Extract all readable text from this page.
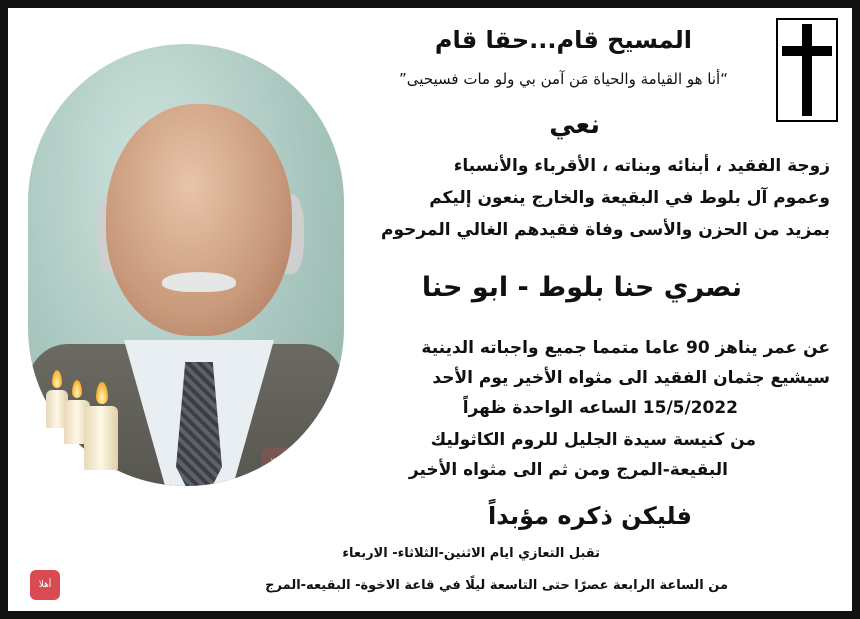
أهلا
المسيح قام...حقا قام
“أنا هو القيامة والحياة مَن آمن بي ولو مات فسيحيى”
نعي
زوجة الفقيد ، أبنائه وبناته ، الأقرباء والأنسباء
وعموم آل بلوط في البقيعة والخارج ينعون إليكم
بمزيد من الحزن والأسى وفاة فقيدهم الغالي المرحوم
نصري حنا بلوط - ابو حنا
عن عمر يناهز 90 عاما متمما جميع واجباته الدينية
سيشيع جثمان الفقيد الى مثواه الأخير يوم الأحد
15/5/2022 الساعه الواحدة ظهراً
من كنيسة سيدة الجليل للروم الكاثوليك
البقيعة-المرج ومن ثم الى مثواه الأخير
فليكن ذكره مؤبداً
تقبل التعازي ايام الاثنين-الثلاثاء- الاربعاء
من الساعة الرابعة عصرًا حتى التاسعة ليلًا في قاعة الاخوة- البقيعه-المرج
أهلا
